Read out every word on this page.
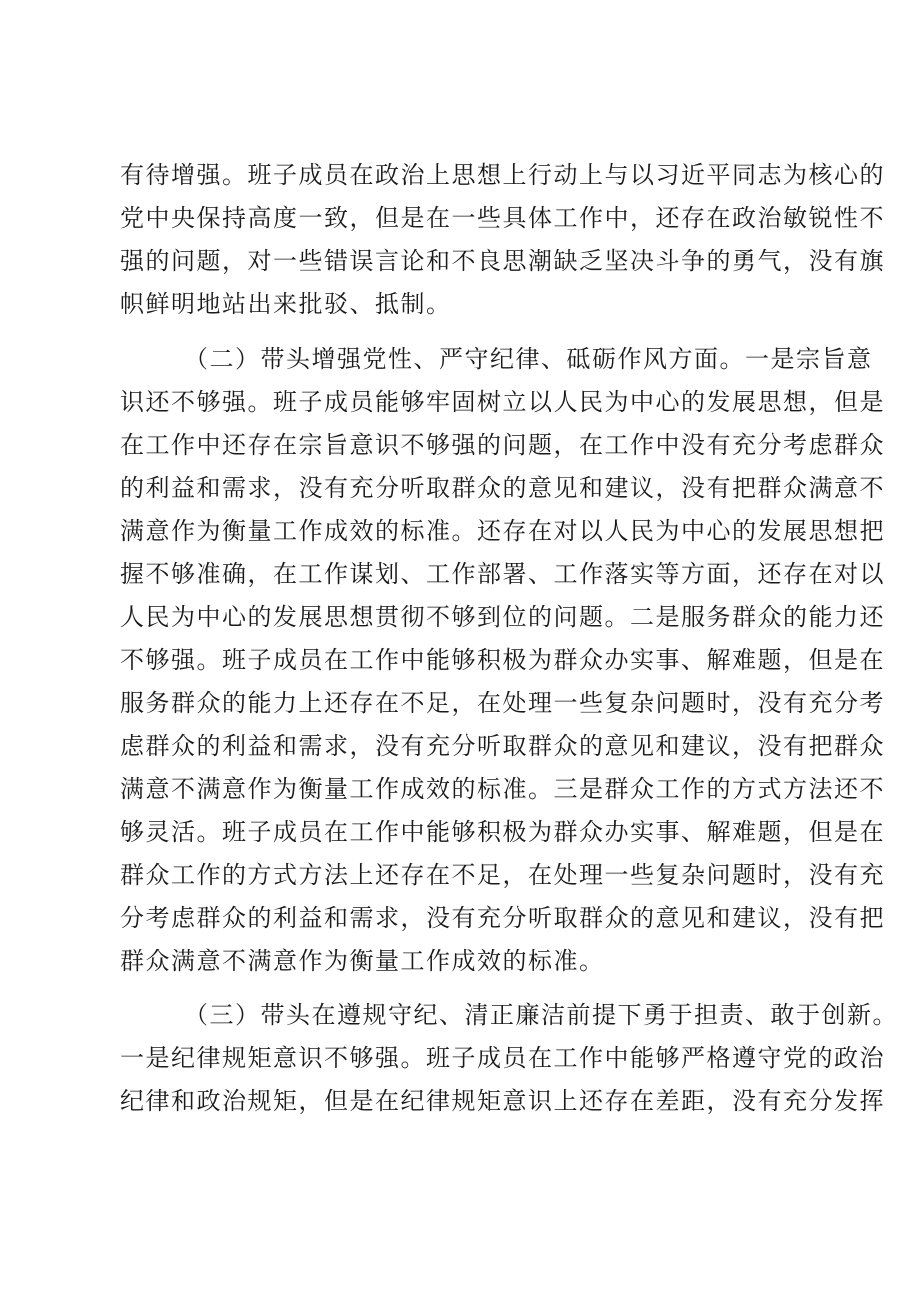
有待增强。班子成员在政治上思想上行动上与以习近平同志为核心的
党中央保持高度一致，但是在一些具体工作中，还存在政治敏锐性不
强的问题，对一些错误言论和不良思潮缺乏坚决斗争的勇气，没有旗
帜鲜明地站出来批驳、抵制。
（二）带头增强党性、严守纪律、砥砺作风方面。一是宗旨意
识还不够强。班子成员能够牢固树立以人民为中心的发展思想，但是
在工作中还存在宗旨意识不够强的问题，在工作中没有充分考虑群众
的利益和需求，没有充分听取群众的意见和建议，没有把群众满意不
满意作为衡量工作成效的标准。还存在对以人民为中心的发展思想把
握不够准确，在工作谋划、工作部署、工作落实等方面，还存在对以
人民为中心的发展思想贯彻不够到位的问题。二是服务群众的能力还
不够强。班子成员在工作中能够积极为群众办实事、解难题，但是在
服务群众的能力上还存在不足，在处理一些复杂问题时，没有充分考
虑群众的利益和需求，没有充分听取群众的意见和建议，没有把群众
满意不满意作为衡量工作成效的标准。三是群众工作的方式方法还不
够灵活。班子成员在工作中能够积极为群众办实事、解难题，但是在
群众工作的方式方法上还存在不足，在处理一些复杂问题时，没有充
分考虑群众的利益和需求，没有充分听取群众的意见和建议，没有把
群众满意不满意作为衡量工作成效的标准。
（三）带头在遵规守纪、清正廉洁前提下勇于担责、敢于创新。
一是纪律规矩意识不够强。班子成员在工作中能够严格遵守党的政治
纪律和政治规矩，但是在纪律规矩意识上还存在差距，没有充分发挥
